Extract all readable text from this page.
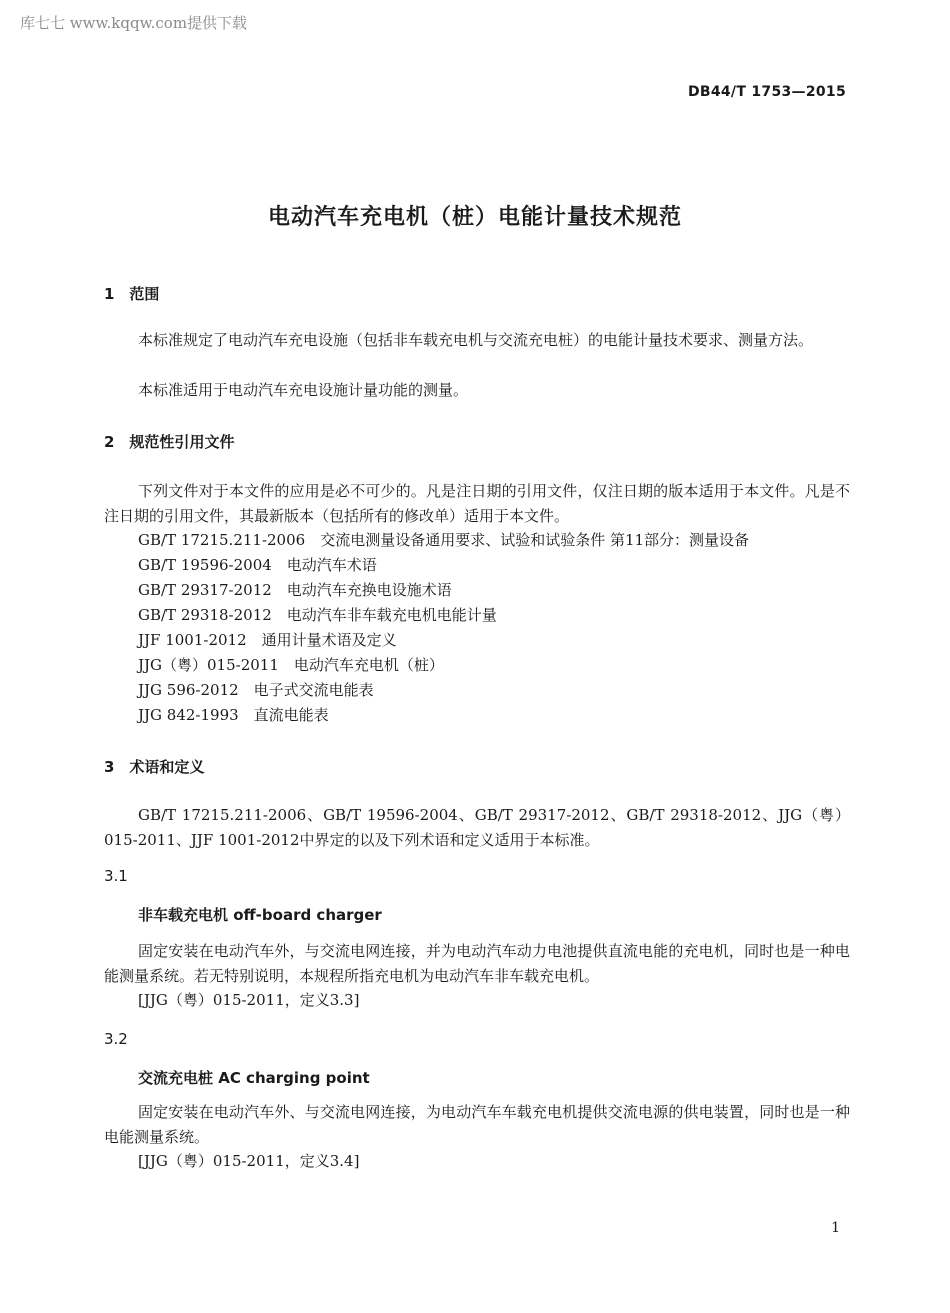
库七七 www.kqqw.com提供下载
DB44/T 1753—2015
电动汽车充电机（桩）电能计量技术规范
1　范围
本标准规定了电动汽车充电设施（包括非车载充电机与交流充电桩）的电能计量技术要求、测量方法。
本标准适用于电动汽车充电设施计量功能的测量。
2　规范性引用文件
下列文件对于本文件的应用是必不可少的。凡是注日期的引用文件，仅注日期的版本适用于本文件。凡是不注日期的引用文件，其最新版本（包括所有的修改单）适用于本文件。
GB/T 17215.211-2006　交流电测量设备通用要求、试验和试验条件 第11部分：测量设备
GB/T 19596-2004　电动汽车术语
GB/T 29317-2012　电动汽车充换电设施术语
GB/T 29318-2012　电动汽车非车载充电机电能计量
JJF 1001-2012　通用计量术语及定义
JJG（粤）015-2011　电动汽车充电机（桩）
JJG 596-2012　电子式交流电能表
JJG 842-1993　直流电能表
3　术语和定义
GB/T 17215.211-2006、GB/T 19596-2004、GB/T 29317-2012、GB/T 29318-2012、JJG（粤）015-2011、JJF 1001-2012中界定的以及下列术语和定义适用于本标准。
3.1
非车载充电机 off-board charger
固定安装在电动汽车外，与交流电网连接，并为电动汽车动力电池提供直流电能的充电机，同时也是一种电能测量系统。若无特别说明，本规程所指充电机为电动汽车非车载充电机。
[JJG（粤）015-2011，定义3.3]
3.2
交流充电桩 AC charging point
固定安装在电动汽车外、与交流电网连接，为电动汽车车载充电机提供交流电源的供电装置，同时也是一种电能测量系统。
[JJG（粤）015-2011，定义3.4]
1
